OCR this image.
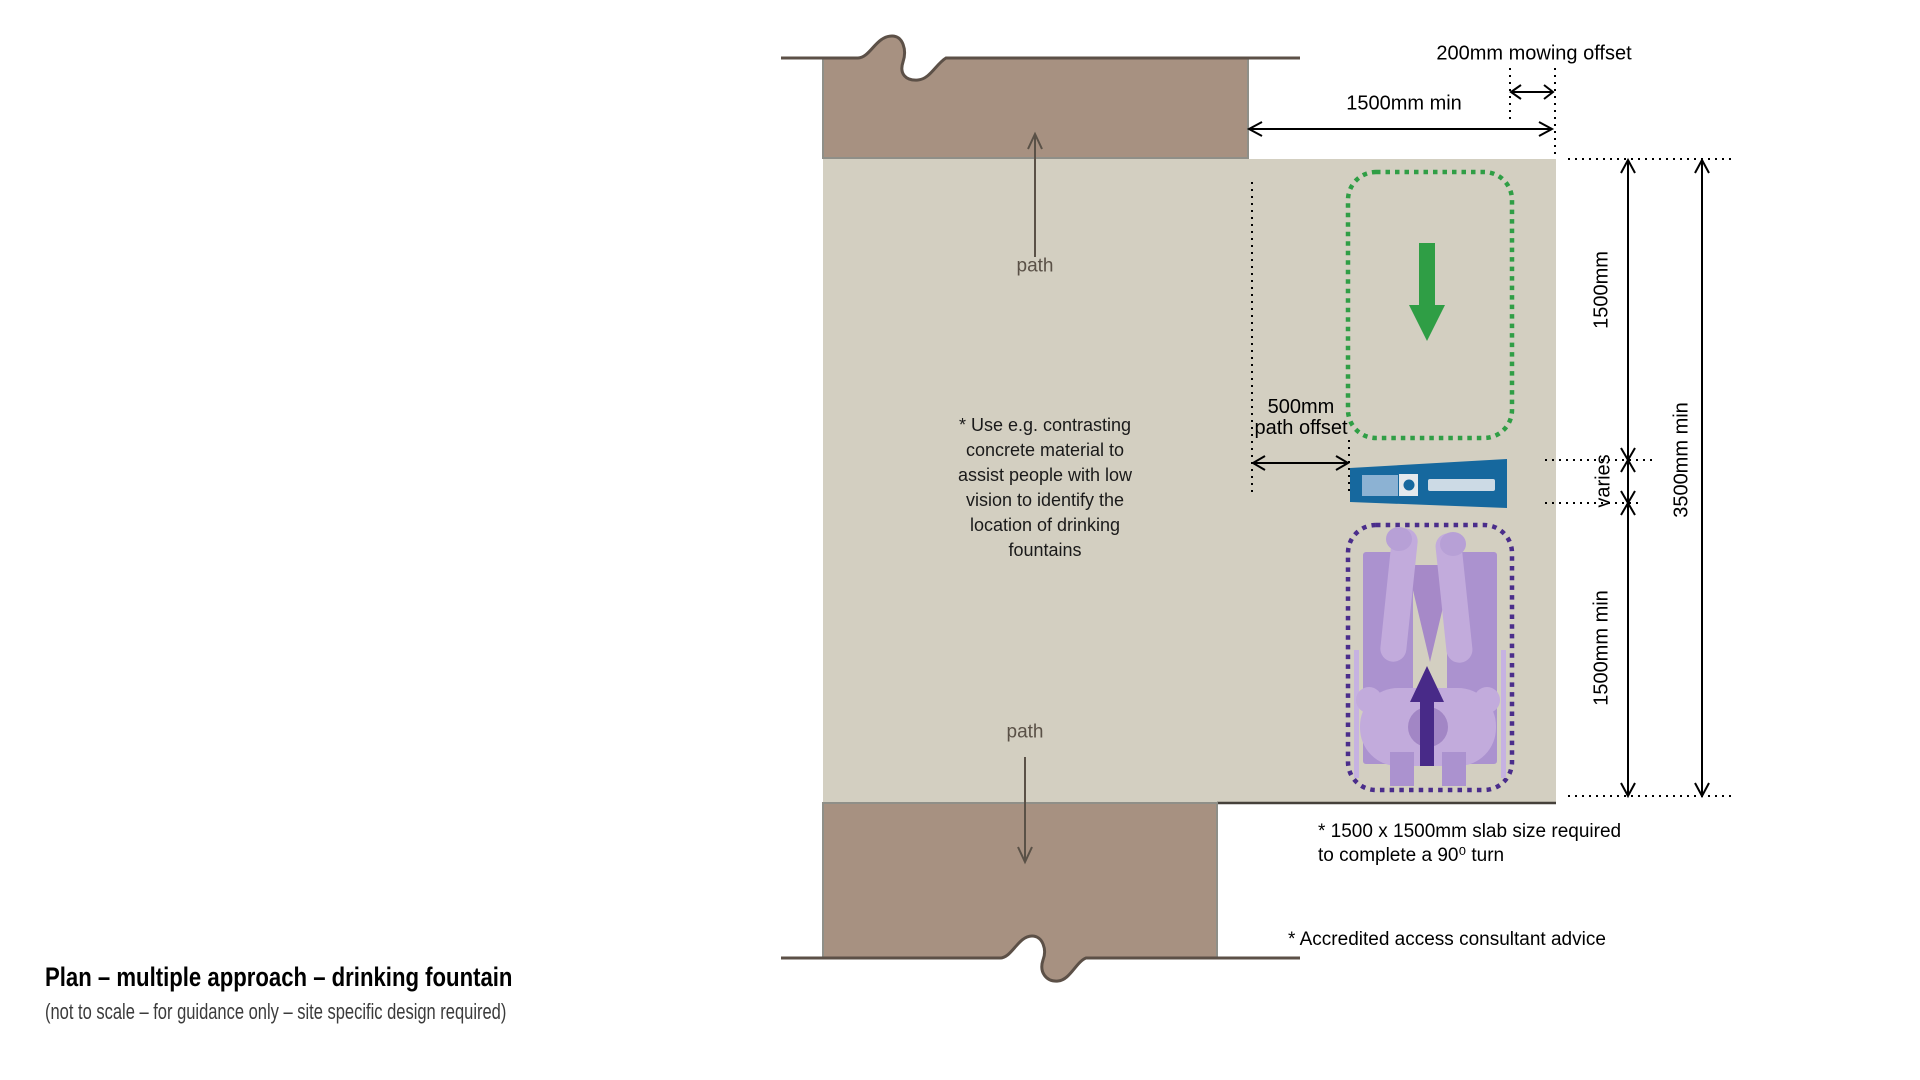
200mm mowing offset
1500mm min
500mm
path offset
* Use e.g. contrasting
concrete material to
assist people with low
vision to identify the
location of drinking
fountains
1500mm
varies
1500mm min
3500mm min
path
path
* 1500 x 1500mm slab size required
to complete a 90⁰ turn
* Accredited access consultant advice
Plan – multiple approach – drinking fountain
(not to scale – for guidance only – site specific design required)
